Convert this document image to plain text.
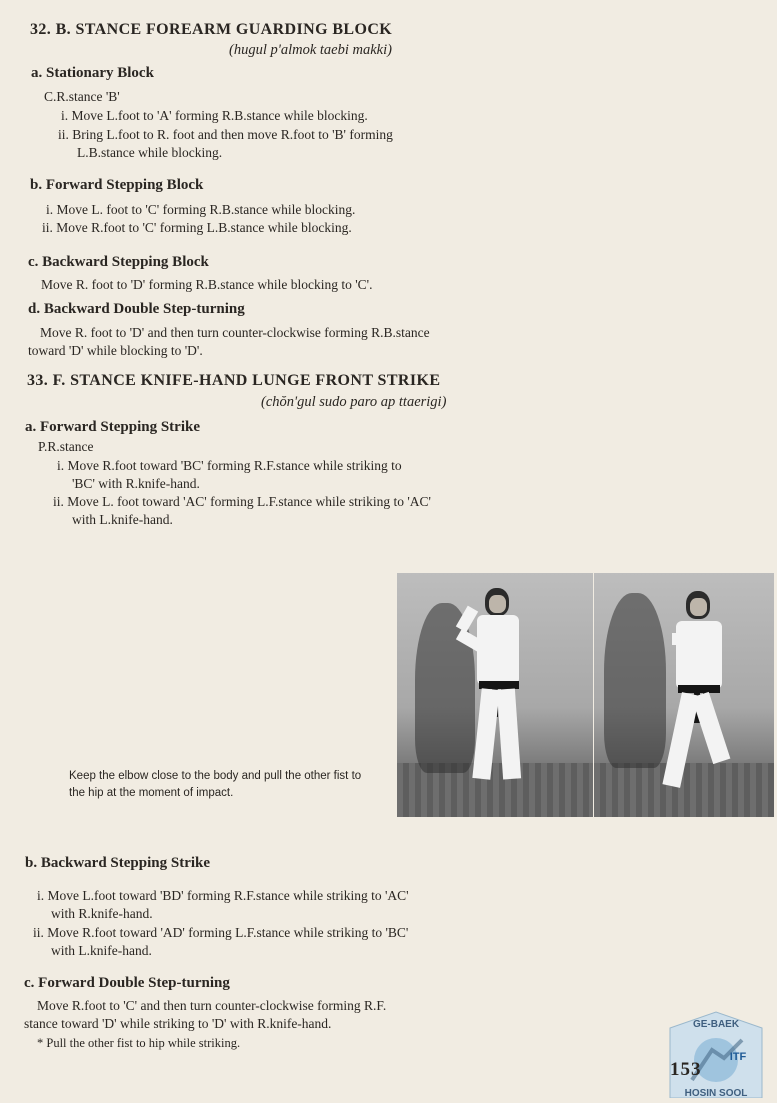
32. B. STANCE FOREARM GUARDING BLOCK
(hugul p'almok taebi makki)
a. Stationary Block
C.R.stance 'B'
i. Move L.foot to 'A' forming R.B.stance while blocking.
ii. Bring L.foot to R. foot and then move R.foot to 'B' forming
L.B.stance while blocking.
b. Forward Stepping Block
i. Move L. foot to 'C' forming R.B.stance while blocking.
ii. Move R.foot to 'C' forming L.B.stance while blocking.
c. Backward Stepping Block
Move R. foot to 'D' forming R.B.stance while blocking to 'C'.
d. Backward Double Step-turning
Move R. foot to 'D' and then turn counter-clockwise forming R.B.stance
toward 'D' while blocking to 'D'.
33. F. STANCE KNIFE-HAND LUNGE FRONT STRIKE
(chŏn'gul sudo paro ap ttaerigi)
a. Forward Stepping Strike
P.R.stance
i. Move R.foot toward 'BC' forming R.F.stance while striking to
'BC' with R.knife-hand.
ii. Move L. foot toward 'AC' forming L.F.stance while striking to 'AC'
with L.knife-hand.
Keep the elbow close to the body and pull the other fist to the hip at the moment of impact.
b. Backward Stepping Strike
i. Move L.foot toward 'BD' forming R.F.stance while striking to 'AC'
with R.knife-hand.
ii. Move R.foot toward 'AD' forming L.F.stance while striking to 'BC'
with L.knife-hand.
c. Forward Double Step-turning
Move R.foot to 'C' and then turn counter-clockwise forming R.F.
stance toward 'D' while striking to 'D' with R.knife-hand.
* Pull the other fist to hip while striking.
GE-BAEK
ITF
HOSIN SOOL
153
